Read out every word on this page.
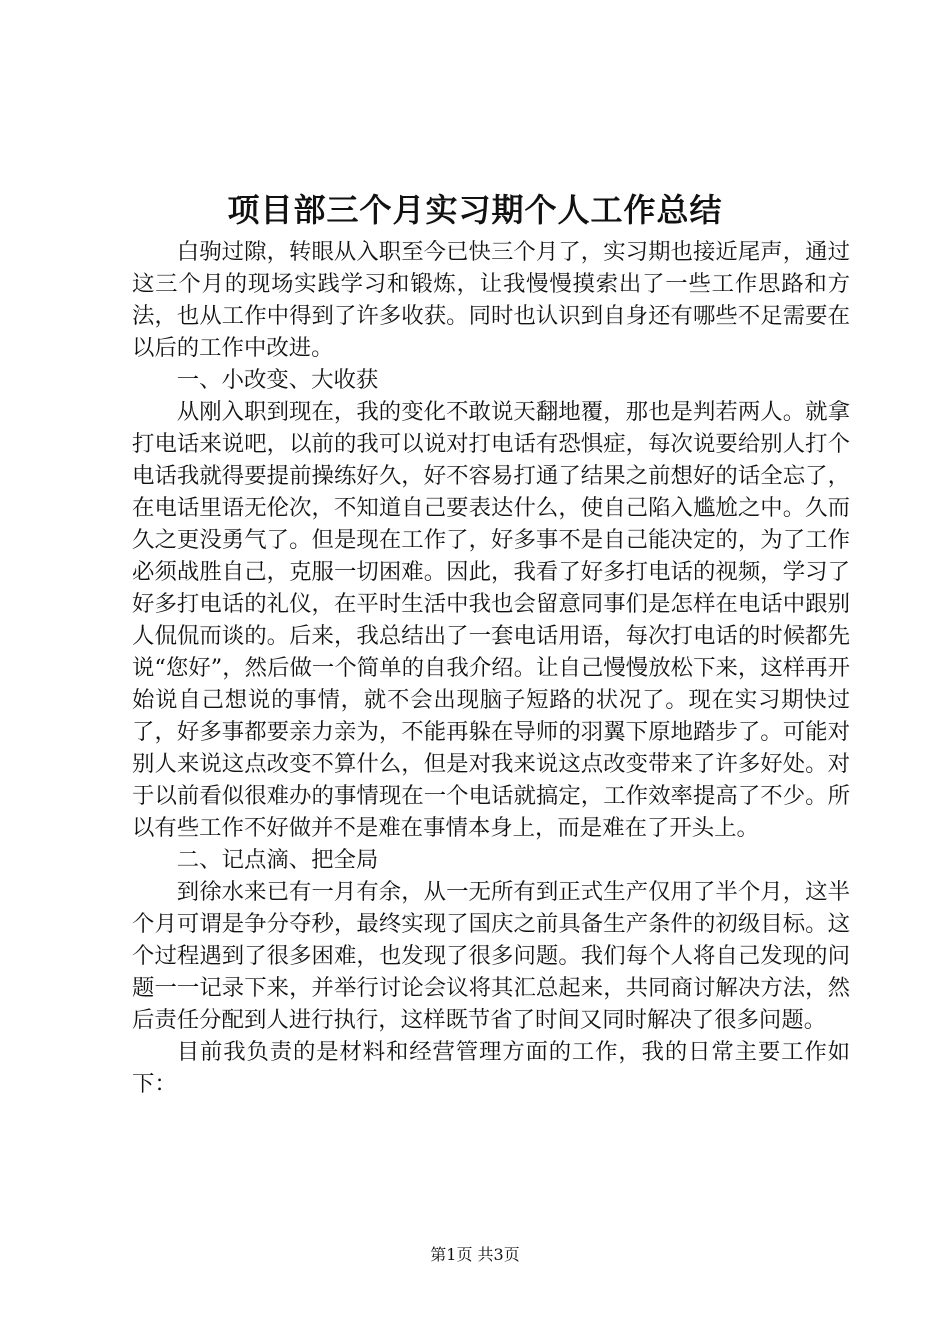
项目部三个月实习期个人工作总结

白驹过隙，转眼从入职至今已快三个月了，实习期也接近尾声，通过这三个月的现场实践学习和锻炼，让我慢慢摸索出了一些工作思路和方法，也从工作中得到了许多收获。同时也认识到自身还有哪些不足需要在以后的工作中改进。

一、小改变、大收获

从刚入职到现在，我的变化不敢说天翻地覆，那也是判若两人。就拿打电话来说吧，以前的我可以说对打电话有恐惧症，每次说要给别人打个电话我就得要提前操练好久，好不容易打通了结果之前想好的话全忘了，在电话里语无伦次，不知道自己要表达什么，使自己陷入尴尬之中。久而久之更没勇气了。但是现在工作了，好多事不是自己能决定的，为了工作必须战胜自己，克服一切困难。因此，我看了好多打电话的视频，学习了好多打电话的礼仪，在平时生活中我也会留意同事们是怎样在电话中跟别人侃侃而谈的。后来，我总结出了一套电话用语，每次打电话的时候都先说“您好”，然后做一个简单的自我介绍。让自己慢慢放松下来，这样再开始说自己想说的事情，就不会出现脑子短路的状况了。现在实习期快过了，好多事都要亲力亲为，不能再躲在导师的羽翼下原地踏步了。可能对别人来说这点改变不算什么，但是对我来说这点改变带来了许多好处。对于以前看似很难办的事情现在一个电话就搞定，工作效率提高了不少。所以有些工作不好做并不是难在事情本身上，而是难在了开头上。

二、记点滴、把全局

到徐水来已有一月有余，从一无所有到正式生产仅用了半个月，这半个月可谓是争分夺秒，最终实现了国庆之前具备生产条件的初级目标。这个过程遇到了很多困难，也发现了很多问题。我们每个人将自己发现的问题一一记录下来，并举行讨论会议将其汇总起来，共同商讨解决方法，然后责任分配到人进行执行，这样既节省了时间又同时解决了很多问题。

目前我负责的是材料和经营管理方面的工作，我的日常主要工作如下：

第1页 共3页
